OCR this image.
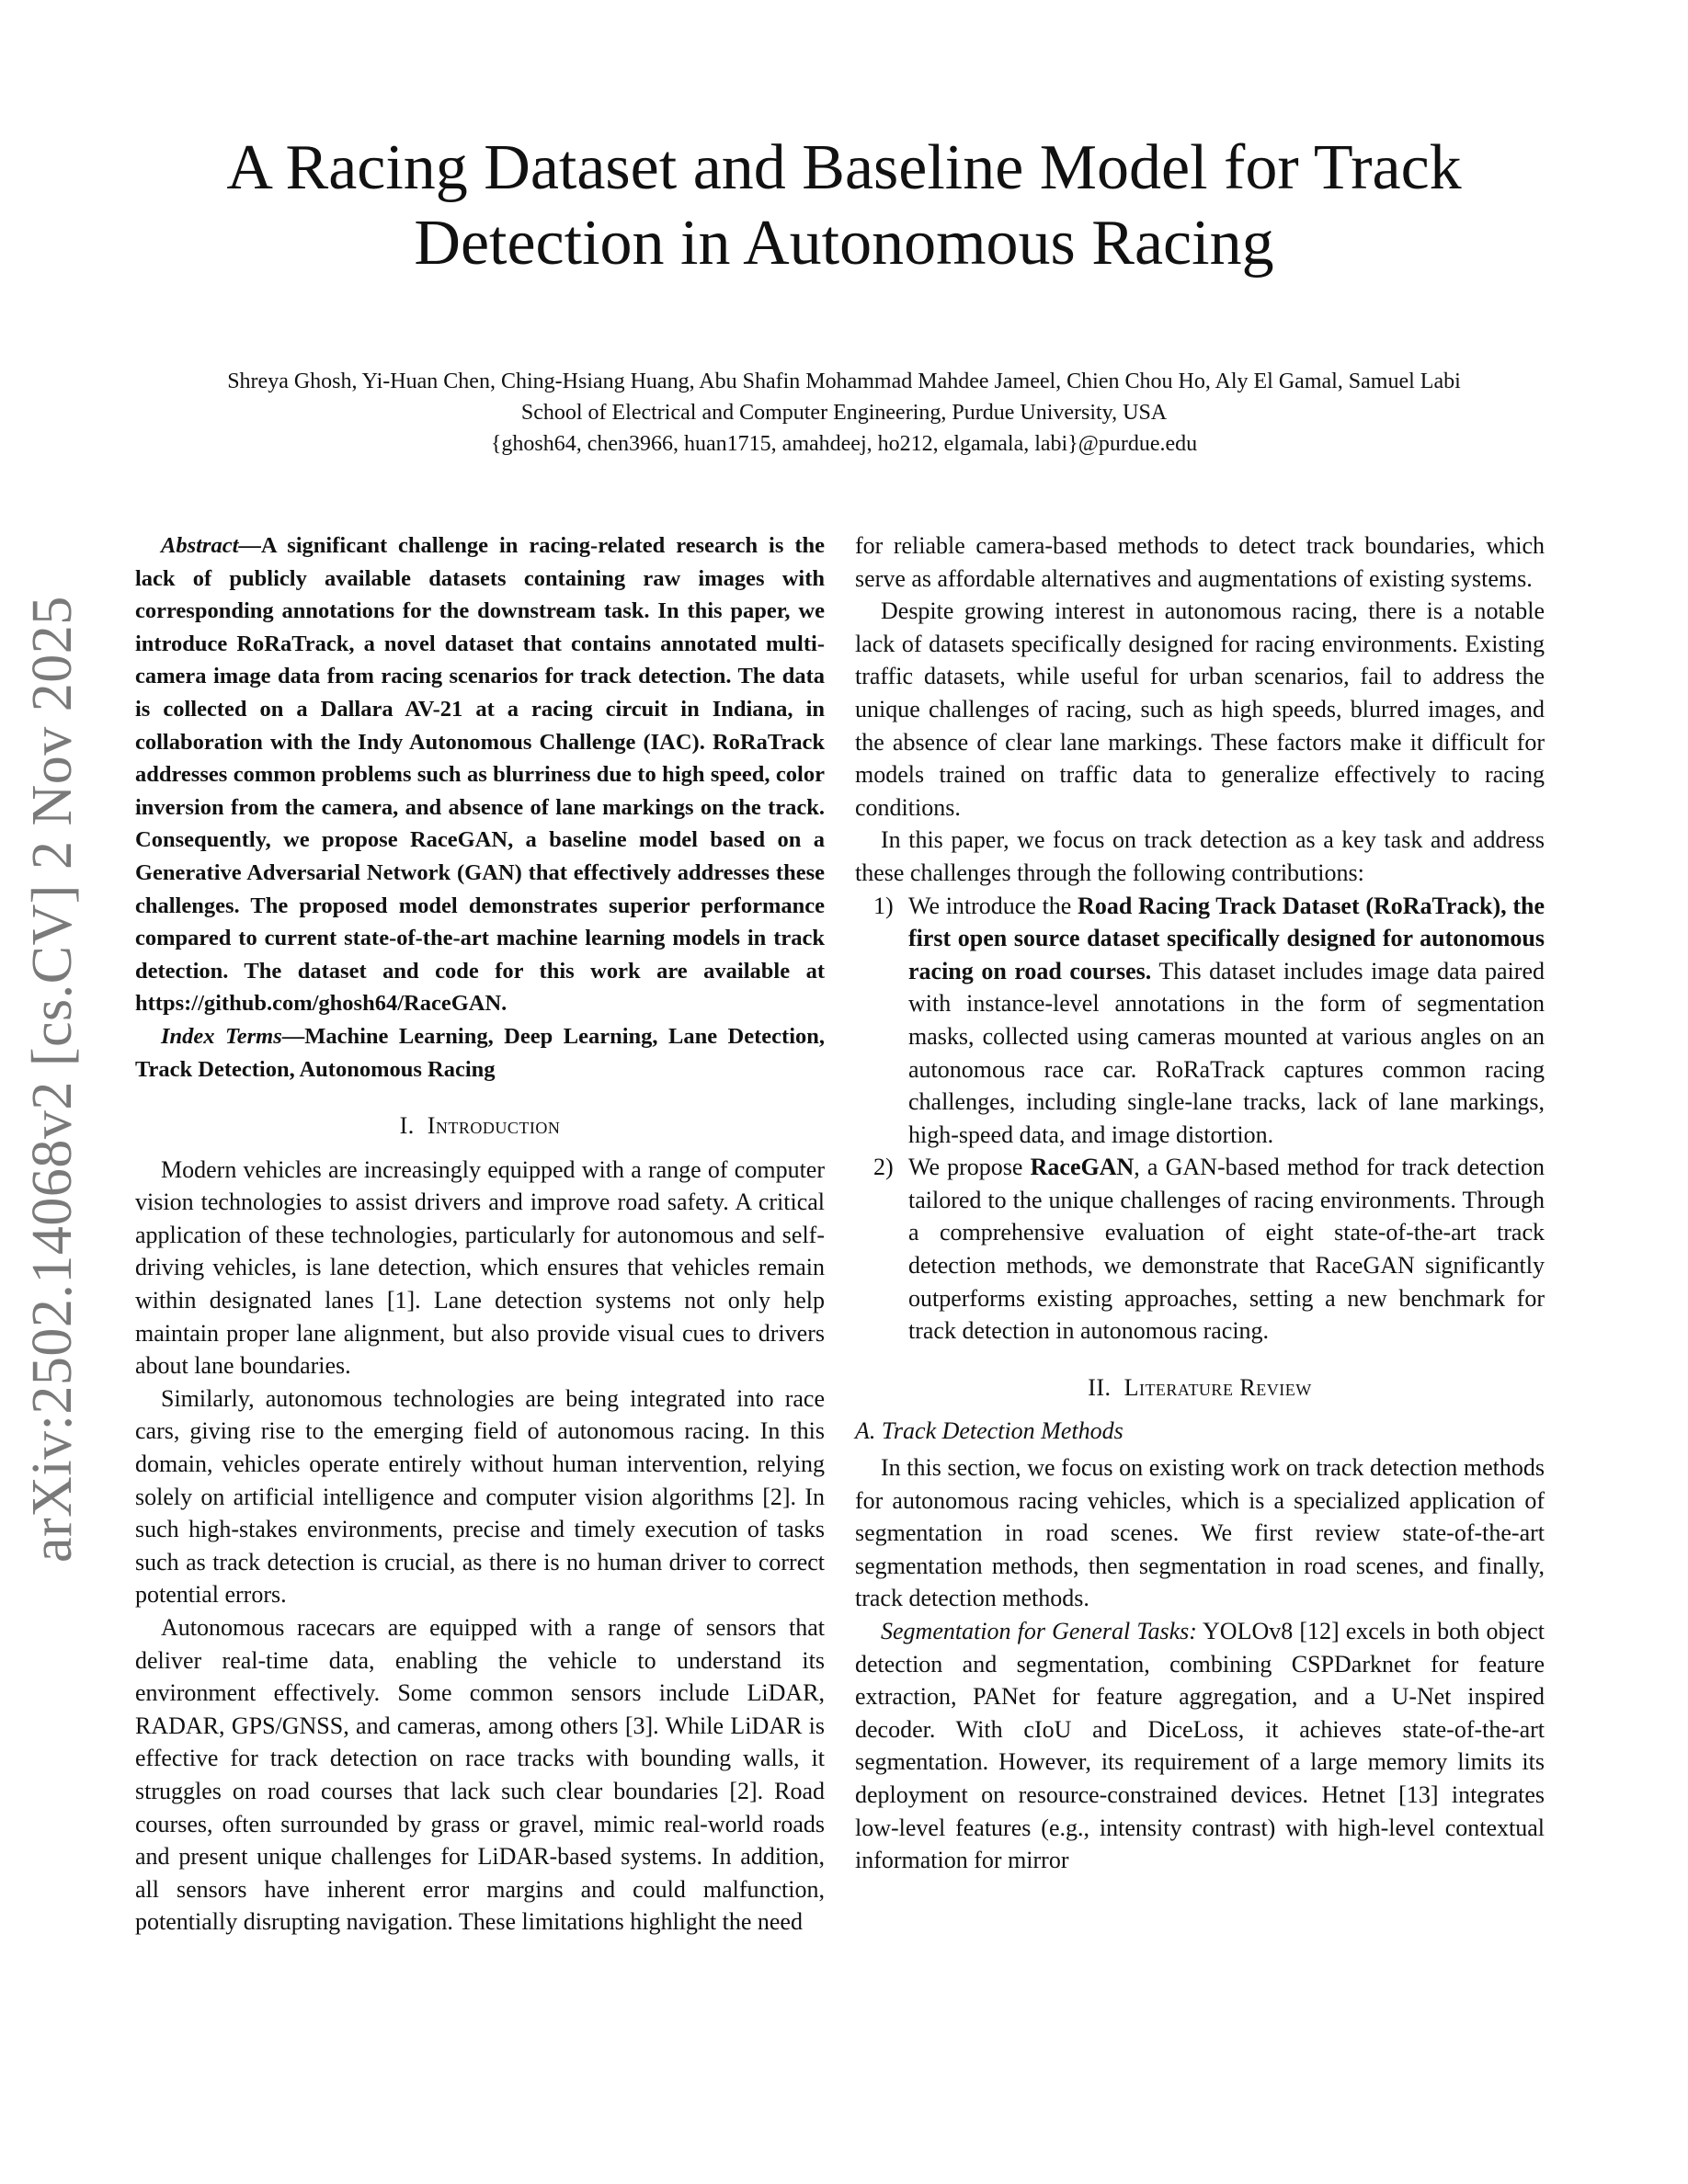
arXiv:2502.14068v2 [cs.CV] 2 Nov 2025
A Racing Dataset and Baseline Model for Track
Detection in Autonomous Racing
Shreya Ghosh, Yi-Huan Chen, Ching-Hsiang Huang, Abu Shafin Mohammad Mahdee Jameel, Chien Chou Ho, Aly El Gamal, Samuel Labi
School of Electrical and Computer Engineering, Purdue University, USA
{ghosh64, chen3966, huan1715, amahdeej, ho212, elgamala, labi}@purdue.edu

Abstract—A significant challenge in racing-related research is the lack of publicly available datasets containing raw images with corresponding annotations for the downstream task. In this paper, we introduce RoRaTrack, a novel dataset that contains annotated multi-camera image data from racing scenarios for track detection. The data is collected on a Dallara AV-21 at a racing circuit in Indiana, in collaboration with the Indy Autonomous Challenge (IAC). RoRaTrack addresses common problems such as blurriness due to high speed, color inversion from the camera, and absence of lane markings on the track. Consequently, we propose RaceGAN, a baseline model based on a Generative Adversarial Network (GAN) that effectively addresses these challenges. The proposed model demonstrates superior performance compared to current state-of-the-art machine learning models in track detection. The dataset and code for this work are available at https://github.com/ghosh64/RaceGAN.

Index Terms—Machine Learning, Deep Learning, Lane Detection, Track Detection, Autonomous Racing

I. Introduction

Modern vehicles are increasingly equipped with a range of computer vision technologies to assist drivers and improve road safety. A critical application of these technologies, particularly for autonomous and self-driving vehicles, is lane detection, which ensures that vehicles remain within designated lanes [1]. Lane detection systems not only help maintain proper lane alignment, but also provide visual cues to drivers about lane boundaries.

Similarly, autonomous technologies are being integrated into race cars, giving rise to the emerging field of autonomous racing. In this domain, vehicles operate entirely without human intervention, relying solely on artificial intelligence and computer vision algorithms [2]. In such high-stakes environments, precise and timely execution of tasks such as track detection is crucial, as there is no human driver to correct potential errors.

Autonomous racecars are equipped with a range of sensors that deliver real-time data, enabling the vehicle to understand its environment effectively. Some common sensors include LiDAR, RADAR, GPS/GNSS, and cameras, among others [3]. While LiDAR is effective for track detection on race tracks with bounding walls, it struggles on road courses that lack such clear boundaries [2]. Road courses, often surrounded by grass or gravel, mimic real-world roads and present unique challenges for LiDAR-based systems. In addition, all sensors have inherent error margins and could malfunction, potentially disrupting navigation. These limitations highlight the need

for reliable camera-based methods to detect track boundaries, which serve as affordable alternatives and augmentations of existing systems.

Despite growing interest in autonomous racing, there is a notable lack of datasets specifically designed for racing environments. Existing traffic datasets, while useful for urban scenarios, fail to address the unique challenges of racing, such as high speeds, blurred images, and the absence of clear lane markings. These factors make it difficult for models trained on traffic data to generalize effectively to racing conditions.

In this paper, we focus on track detection as a key task and address these challenges through the following contributions:

1) We introduce the Road Racing Track Dataset (RoRaTrack), the first open source dataset specifically designed for autonomous racing on road courses. This dataset includes image data paired with instance-level annotations in the form of segmentation masks, collected using cameras mounted at various angles on an autonomous race car. RoRaTrack captures common racing challenges, including single-lane tracks, lack of lane markings, high-speed data, and image distortion.
2) We propose RaceGAN, a GAN-based method for track detection tailored to the unique challenges of racing environments. Through a comprehensive evaluation of eight state-of-the-art track detection methods, we demonstrate that RaceGAN significantly outperforms existing approaches, setting a new benchmark for track detection in autonomous racing.
II. Literature Review
A. Track Detection Methods

In this section, we focus on existing work on track detection methods for autonomous racing vehicles, which is a specialized application of segmentation in road scenes. We first review state-of-the-art segmentation methods, then segmentation in road scenes, and finally, track detection methods.

Segmentation for General Tasks: YOLOv8 [12] excels in both object detection and segmentation, combining CSPDarknet for feature extraction, PANet for feature aggregation, and a U-Net inspired decoder. With cIoU and DiceLoss, it achieves state-of-the-art segmentation. However, its requirement of a large memory limits its deployment on resource-constrained devices. Hetnet [13] integrates low-level features (e.g., intensity contrast) with high-level contextual information for mirror
